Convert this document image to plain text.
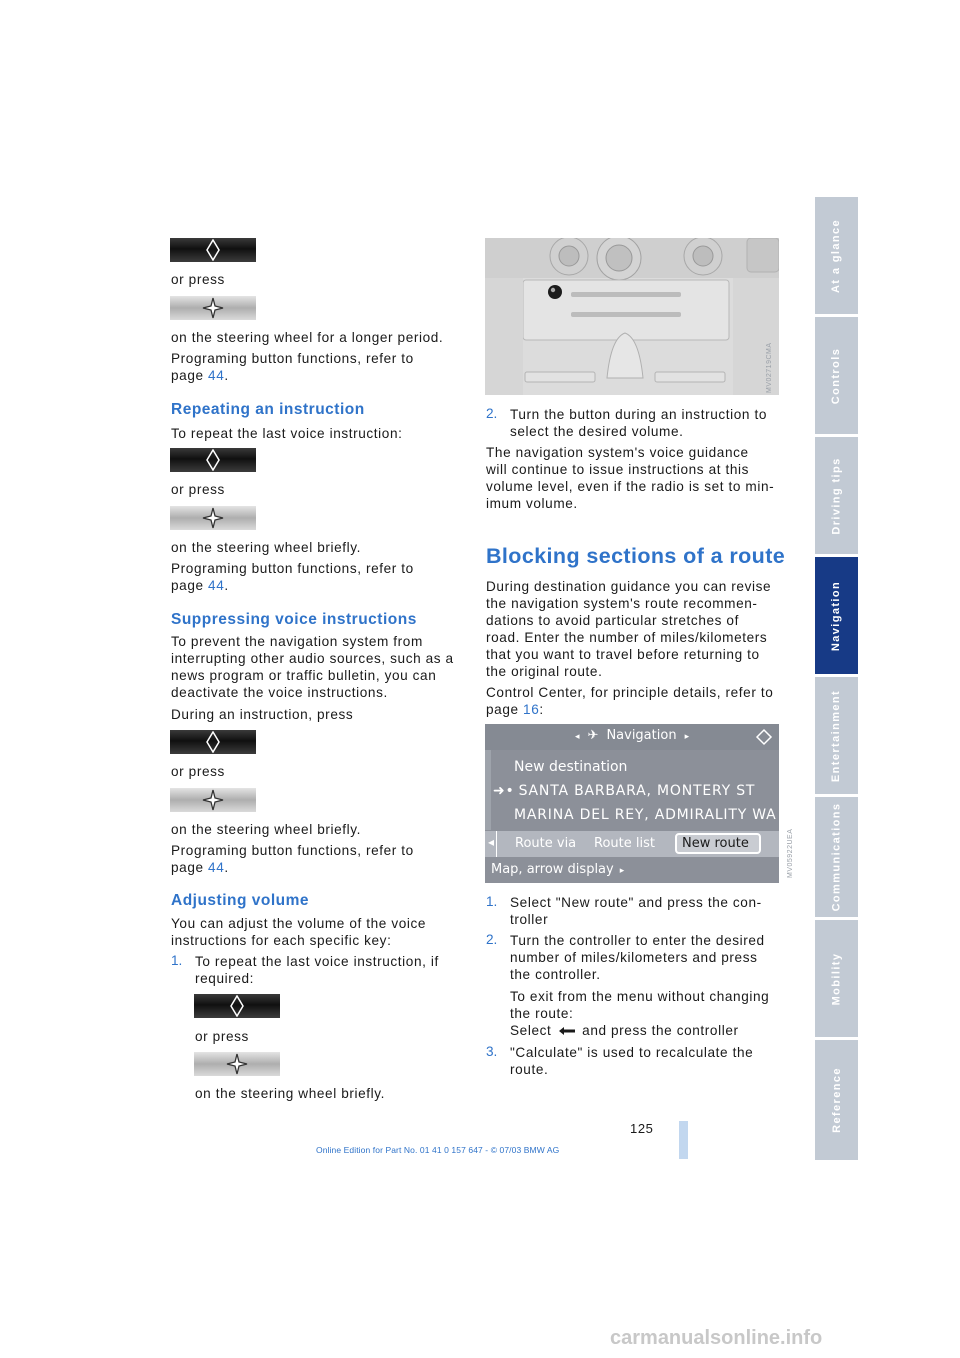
At a glance
Controls
Driving tips
Navigation
Entertainment
Communications
Mobility
Reference

or press

on the steering wheel for a longer period.

Programing button functions, refer to

page 44.

Repeating an instruction

To repeat the last voice instruction:

or press

on the steering wheel briefly.

Programing button functions, refer to

page 44.

Suppressing voice instructions

To prevent the navigation system from

interrupting other audio sources, such as a

news program or traffic bulletin, you can

deactivate the voice instructions.

During an instruction, press

or press

on the steering wheel briefly.

Programing button functions, refer to

page 44.

Adjusting volume

You can adjust the volume of the voice

instructions for each specific key:

1. To repeat the last voice instruction, if

required:

or press

on the steering wheel briefly.

MV02719CMA
2. Turn the button during an instruction to

select the desired volume.

The navigation system's voice guidance

will continue to issue instructions at this

volume level, even if the radio is set to min-

imum volume.

Blocking sections of a route

During destination guidance you can revise

the navigation system's route recommen-

dations to avoid particular stretches of

road. Enter the number of miles/kilometers

that you want to travel before returning to

the original route.

Control Center, for principle details, refer to

page 16:

◂ ✈ Navigation ▸
New destination
➜• SANTA BARBARA, MONTERY ST
MARINA DEL REY, ADMIRALITY WA
◂ Route via Route list New route
Map, arrow display ▸	MV05922UEA
1. Select "New route" and press the con-

troller

2. Turn the controller to enter the desired

number of miles/kilometers and press

the controller.

To exit from the menu without changing

the route:

Select  and press the controller

3. "Calculate" is used to recalculate the

route.

125

Online Edition for Part No. 01 41 0 157 647 - © 07/03 BMW AG

carmanualsonline.info
